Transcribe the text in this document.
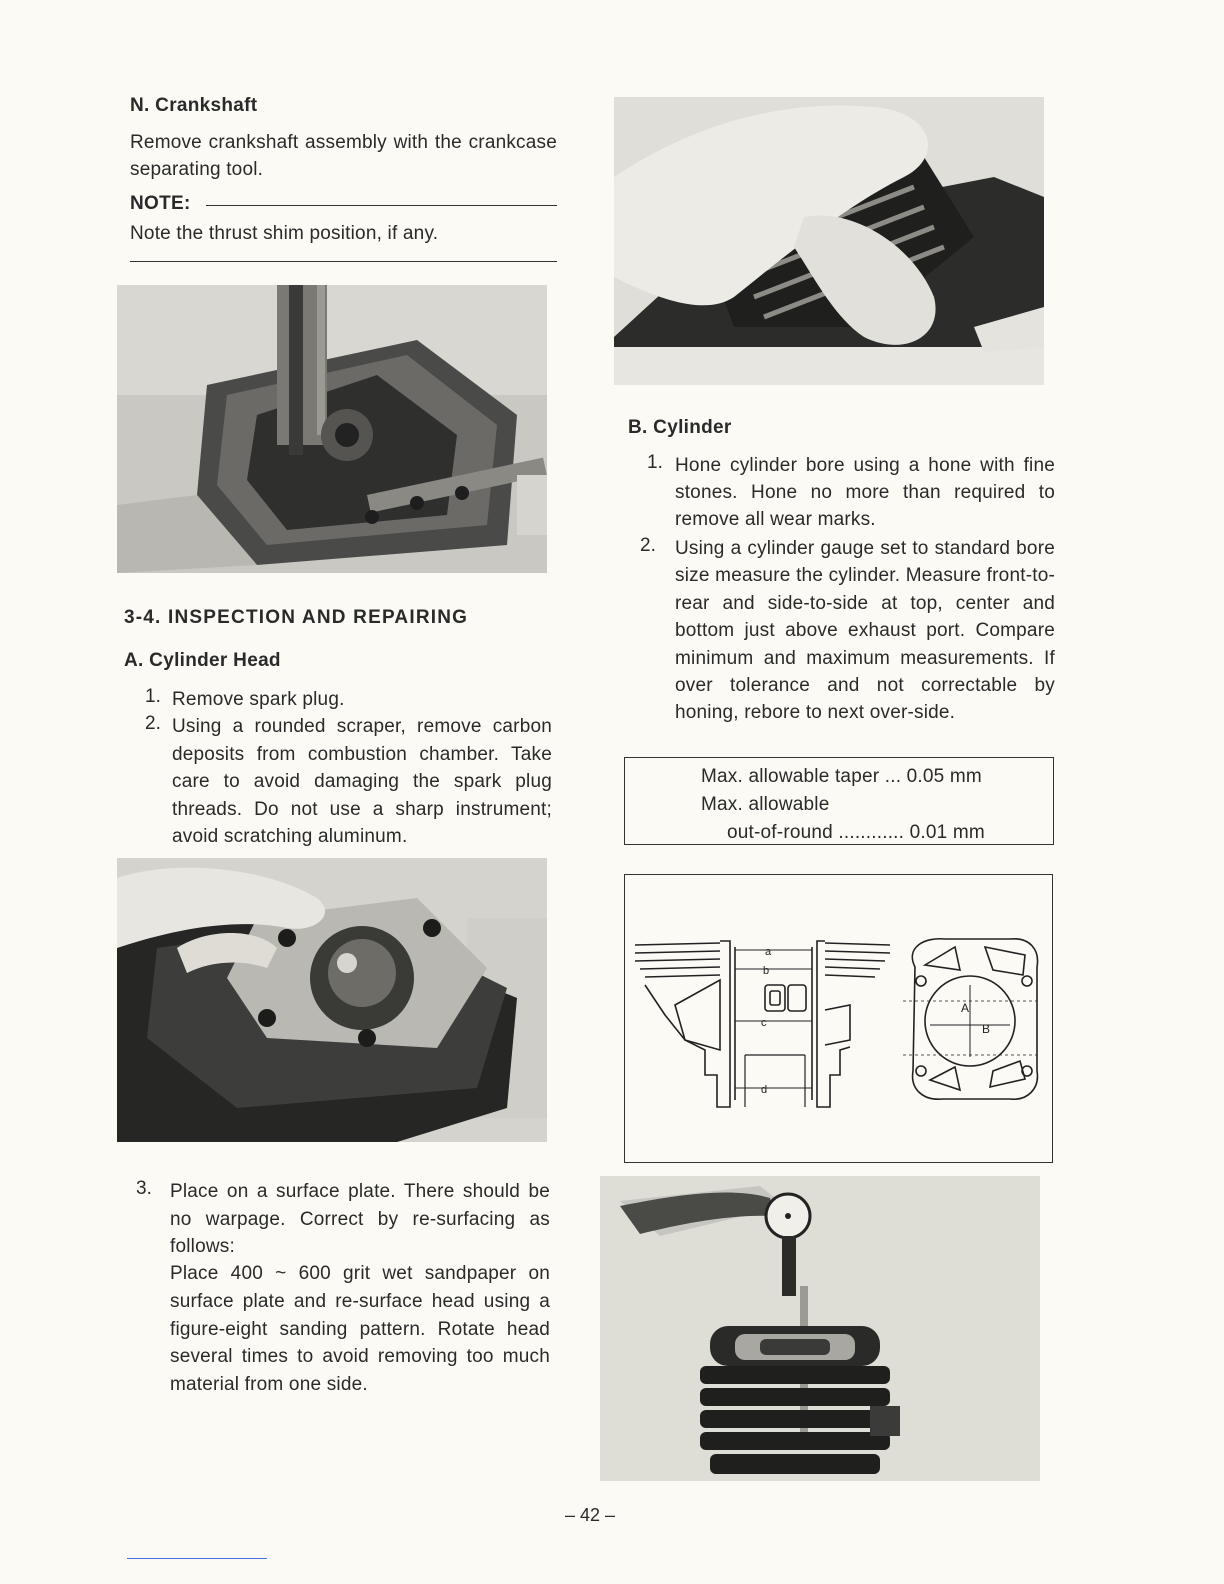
N. Crankshaft
Remove crankshaft assembly with the crankcase separating tool.
NOTE:
Note the thrust shim position, if any.
3-4. INSPECTION AND REPAIRING
A. Cylinder Head
1. Remove spark plug.
2. Using a rounded scraper, remove carbon deposits from combustion chamber. Take care to avoid damaging the spark plug threads. Do not use a sharp instrument; avoid scratching aluminum.
3. Place on a surface plate. There should be no warpage. Correct by re-surfacing as follows:
Place 400 ~ 600 grit wet sandpaper on surface plate and re-surface head using a figure-eight sanding pattern. Rotate head several times to avoid removing too much material from one side.
B. Cylinder
1. Hone cylinder bore using a hone with fine stones. Hone no more than required to remove all wear marks.
2. Using a cylinder gauge set to standard bore size measure the cylinder. Measure front-to-rear and side-to-side at top, center and bottom just above exhaust port. Compare minimum and maximum measurements. If over tolerance and not correctable by honing, rebore to next over-side.
Max. allowable taper ... 0.05 mm
Max. allowable
out-of-round ............ 0.01 mm
a
b
c
d
A
B
– 42 –
